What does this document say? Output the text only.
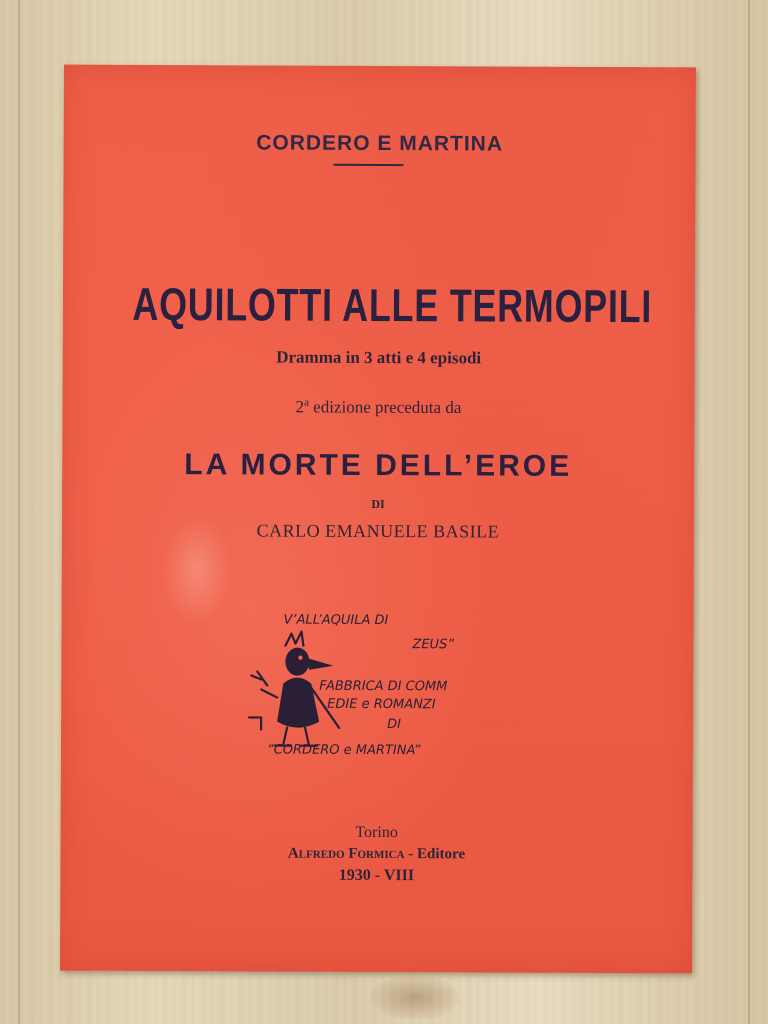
CORDERO E MARTINA
AQUILOTTI ALLE TERMOPILI
Dramma in 3 atti e 4 episodi
2$^a$ edizione preceduta da
LA MORTE DELL’EROE
DI
CARLO EMANUELE BASILE
V’ALL’AQUILA DI
ZEUS”
FABBRICA DI COMM
EDIE e ROMANZI
DI
“CORDERO e MARTINA”
Torino
Alfredo Formica - Editore
1930 - VIII
